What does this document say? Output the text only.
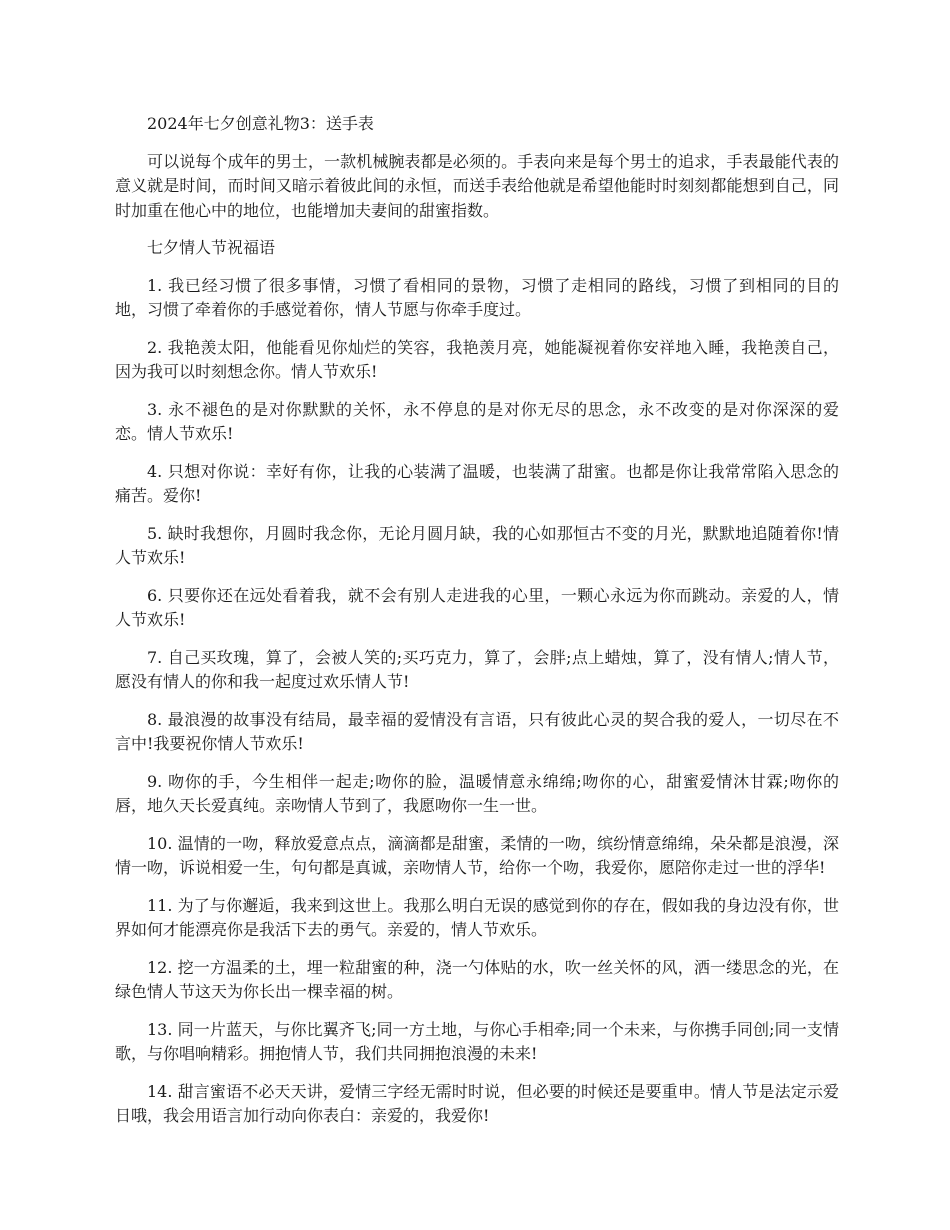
2024年七夕创意礼物3：送手表

可以说每个成年的男士，一款机械腕表都是必须的。手表向来是每个男士的追求，手表最能代表的意义就是时间，而时间又暗示着彼此间的永恒，而送手表给他就是希望他能时时刻刻都能想到自己，同时加重在他心中的地位，也能增加夫妻间的甜蜜指数。

七夕情人节祝福语

1. 我已经习惯了很多事情，习惯了看相同的景物，习惯了走相同的路线，习惯了到相同的目的地，习惯了牵着你的手感觉着你，情人节愿与你牵手度过。

2. 我艳羡太阳，他能看见你灿烂的笑容，我艳羡月亮，她能凝视着你安祥地入睡，我艳羡自己，因为我可以时刻想念你。情人节欢乐!

3. 永不褪色的是对你默默的关怀，永不停息的是对你无尽的思念，永不改变的是对你深深的爱恋。情人节欢乐!

4. 只想对你说：幸好有你，让我的心装满了温暖，也装满了甜蜜。也都是你让我常常陷入思念的痛苦。爱你!

5. 缺时我想你，月圆时我念你，无论月圆月缺，我的心如那恒古不变的月光，默默地追随着你!情人节欢乐!

6. 只要你还在远处看着我，就不会有别人走进我的心里，一颗心永远为你而跳动。亲爱的人，情人节欢乐!

7. 自己买玫瑰，算了，会被人笑的;买巧克力，算了，会胖;点上蜡烛，算了，没有情人;情人节，愿没有情人的你和我一起度过欢乐情人节!

8. 最浪漫的故事没有结局，最幸福的爱情没有言语，只有彼此心灵的契合我的爱人，一切尽在不言中!我要祝你情人节欢乐!

9. 吻你的手，今生相伴一起走;吻你的脸，温暖情意永绵绵;吻你的心，甜蜜爱情沐甘霖;吻你的唇，地久天长爱真纯。亲吻情人节到了，我愿吻你一生一世。

10. 温情的一吻，释放爱意点点，滴滴都是甜蜜，柔情的一吻，缤纷情意绵绵，朵朵都是浪漫，深情一吻，诉说相爱一生，句句都是真诚，亲吻情人节，给你一个吻，我爱你，愿陪你走过一世的浮华!

11. 为了与你邂逅，我来到这世上。我那么明白无误的感觉到你的存在，假如我的身边没有你，世界如何才能漂亮你是我活下去的勇气。亲爱的，情人节欢乐。

12. 挖一方温柔的土，埋一粒甜蜜的种，浇一勺体贴的水，吹一丝关怀的风，洒一缕思念的光，在绿色情人节这天为你长出一棵幸福的树。

13. 同一片蓝天，与你比翼齐飞;同一方土地，与你心手相牵;同一个未来，与你携手同创;同一支情歌，与你唱响精彩。拥抱情人节，我们共同拥抱浪漫的未来!

14. 甜言蜜语不必天天讲，爱情三字经无需时时说，但必要的时候还是要重申。情人节是法定示爱日哦，我会用语言加行动向你表白：亲爱的，我爱你!
